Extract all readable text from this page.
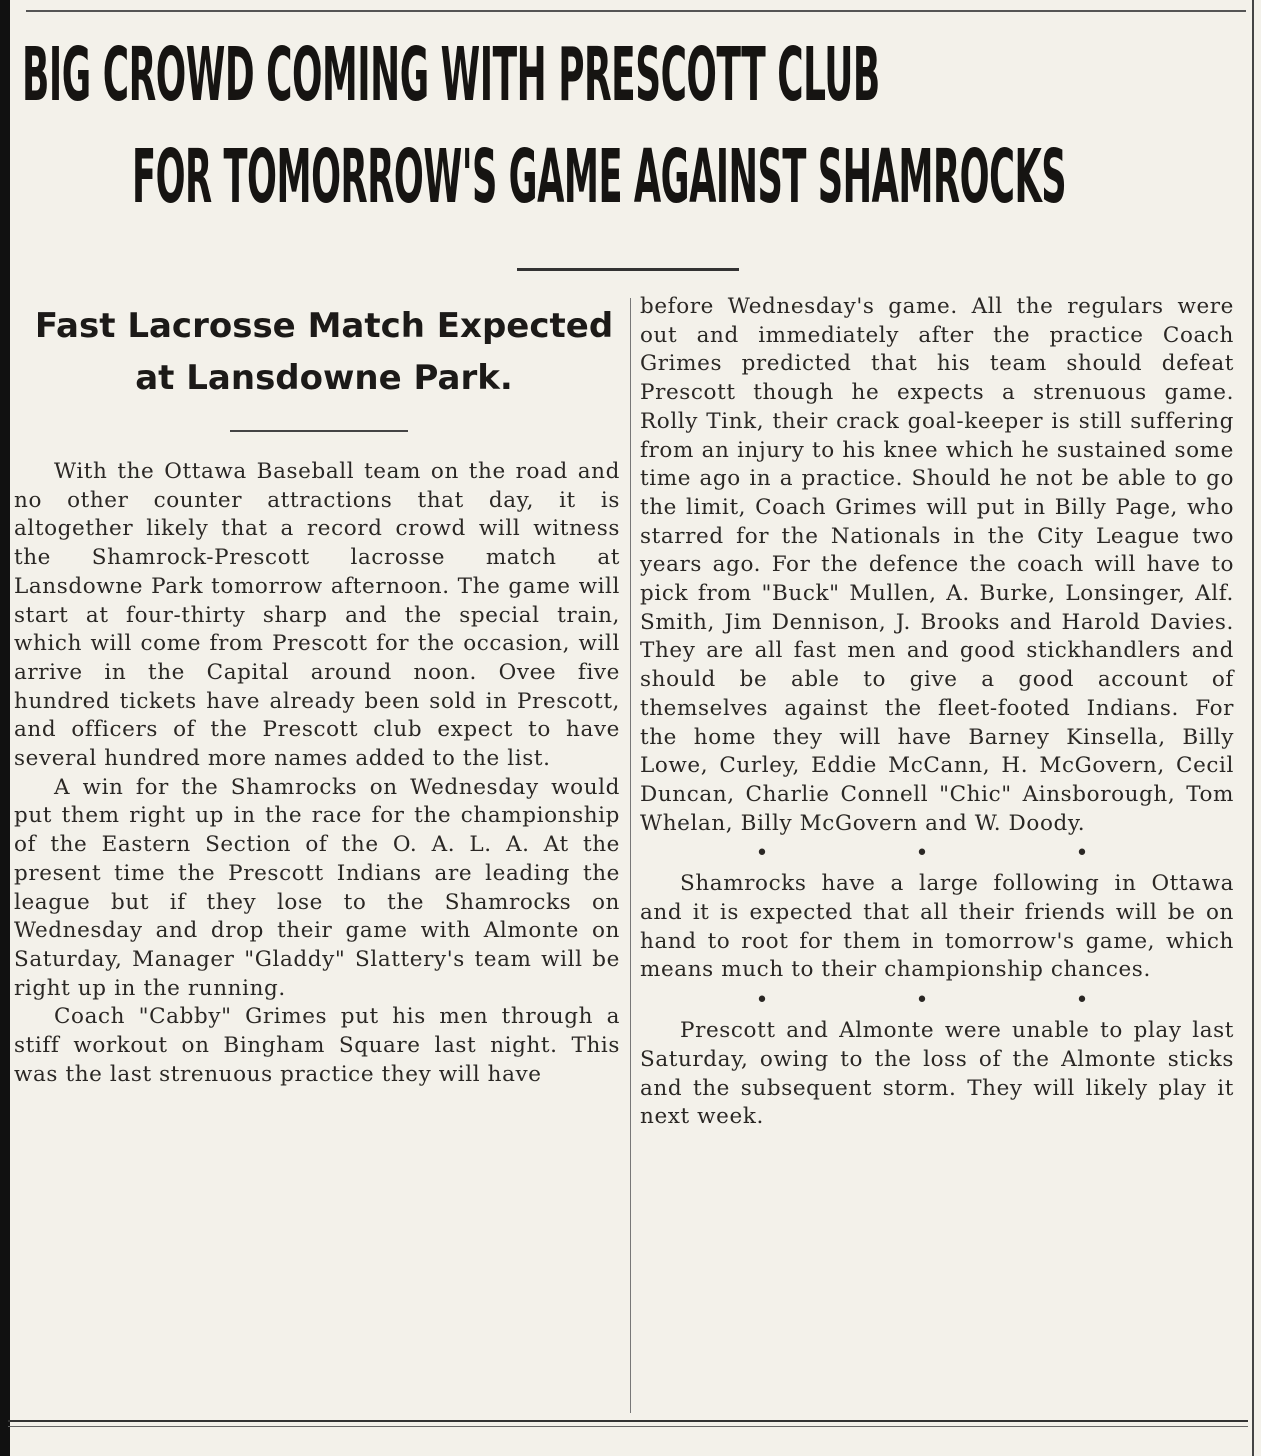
BIG CROWD COMING WITH PRESCOTT CLUB
FOR TOMORROW'S GAME AGAINST SHAMROCKS
Fast Lacrosse Match Expected at Lansdowne Park.

With the Ottawa Baseball team on the road and no other counter attractions that day, it is altogether likely that a record crowd will witness the Shamrock-Prescott lacrosse match at Lansdowne Park tomorrow afternoon. The game will start at four-thirty sharp and the special train, which will come from Prescott for the occasion, will arrive in the Capital around noon. Ovee five hundred tickets have already been sold in Prescott, and officers of the Prescott club expect to have several hundred more names added to the list.

A win for the Shamrocks on Wednesday would put them right up in the race for the championship of the Eastern Section of the O. A. L. A. At the present time the Prescott Indians are leading the league but if they lose to the Shamrocks on Wednesday and drop their game with Almonte on Saturday, Manager "Gladdy" Slattery's team will be right up in the running.

Coach "Cabby" Grimes put his men through a stiff workout on Bingham Square last night. This was the last strenuous practice they will have

before Wednesday's game. All the regulars were out and immediately after the practice Coach Grimes predicted that his team should defeat Prescott though he expects a strenuous game. Rolly Tink, their crack goal-keeper is still suffering from an injury to his knee which he sustained some time ago in a practice. Should he not be able to go the limit, Coach Grimes will put in Billy Page, who starred for the Nationals in the City League two years ago. For the defence the coach will have to pick from "Buck" Mullen, A. Burke, Lonsinger, Alf. Smith, Jim Dennison, J. Brooks and Harold Davies. They are all fast men and good stickhandlers and should be able to give a good account of themselves against the fleet-footed Indians. For the home they will have Barney Kinsella, Billy Lowe, Curley, Eddie McCann, H. McGovern, Cecil Duncan, Charlie Connell "Chic" Ainsborough, Tom Whelan, Billy McGovern and W. Doody.

• • •

Shamrocks have a large following in Ottawa and it is expected that all their friends will be on hand to root for them in tomorrow's game, which means much to their championship chances.

• • •

Prescott and Almonte were unable to play last Saturday, owing to the loss of the Almonte sticks and the subsequent storm. They will likely play it next week.
